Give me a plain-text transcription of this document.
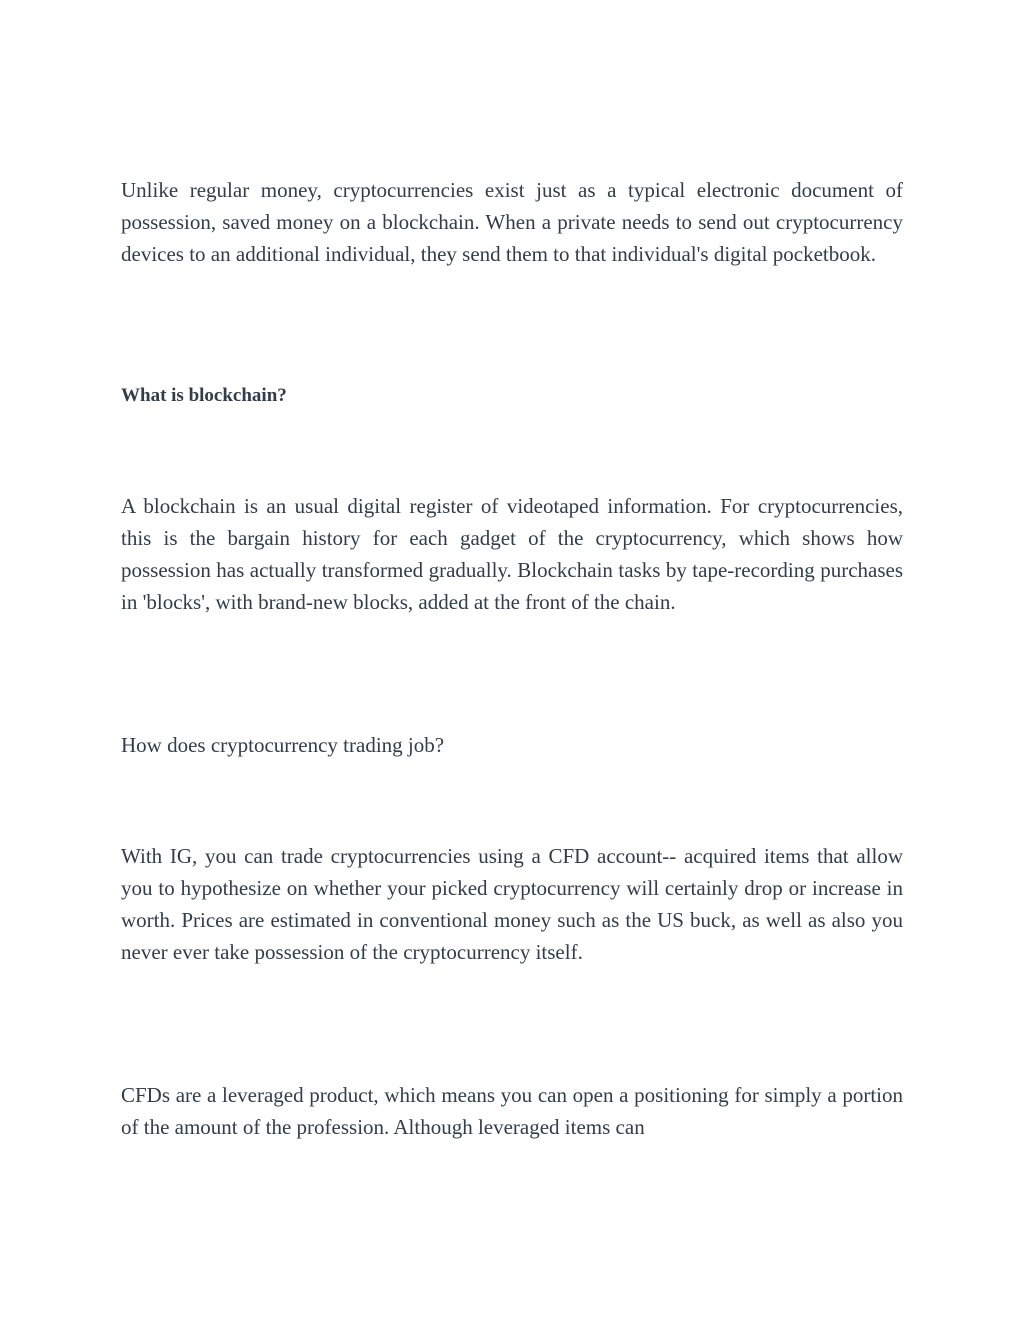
Unlike regular money, cryptocurrencies exist just as a typical electronic document of possession, saved money on a blockchain. When a private needs to send out cryptocurrency devices to an additional individual, they send them to that individual's digital pocketbook.

What is blockchain?

A blockchain is an usual digital register of videotaped information. For cryptocurrencies, this is the bargain history for each gadget of the cryptocurrency, which shows how possession has actually transformed gradually. Blockchain tasks by tape-recording purchases in 'blocks', with brand-new blocks, added at the front of the chain.

How does cryptocurrency trading job?

With IG, you can trade cryptocurrencies using a CFD account-- acquired items that allow you to hypothesize on whether your picked cryptocurrency will certainly drop or increase in worth. Prices are estimated in conventional money such as the US buck, as well as also you never ever take possession of the cryptocurrency itself.

CFDs are a leveraged product, which means you can open a positioning for simply a portion of the amount of the profession. Although leveraged items can
